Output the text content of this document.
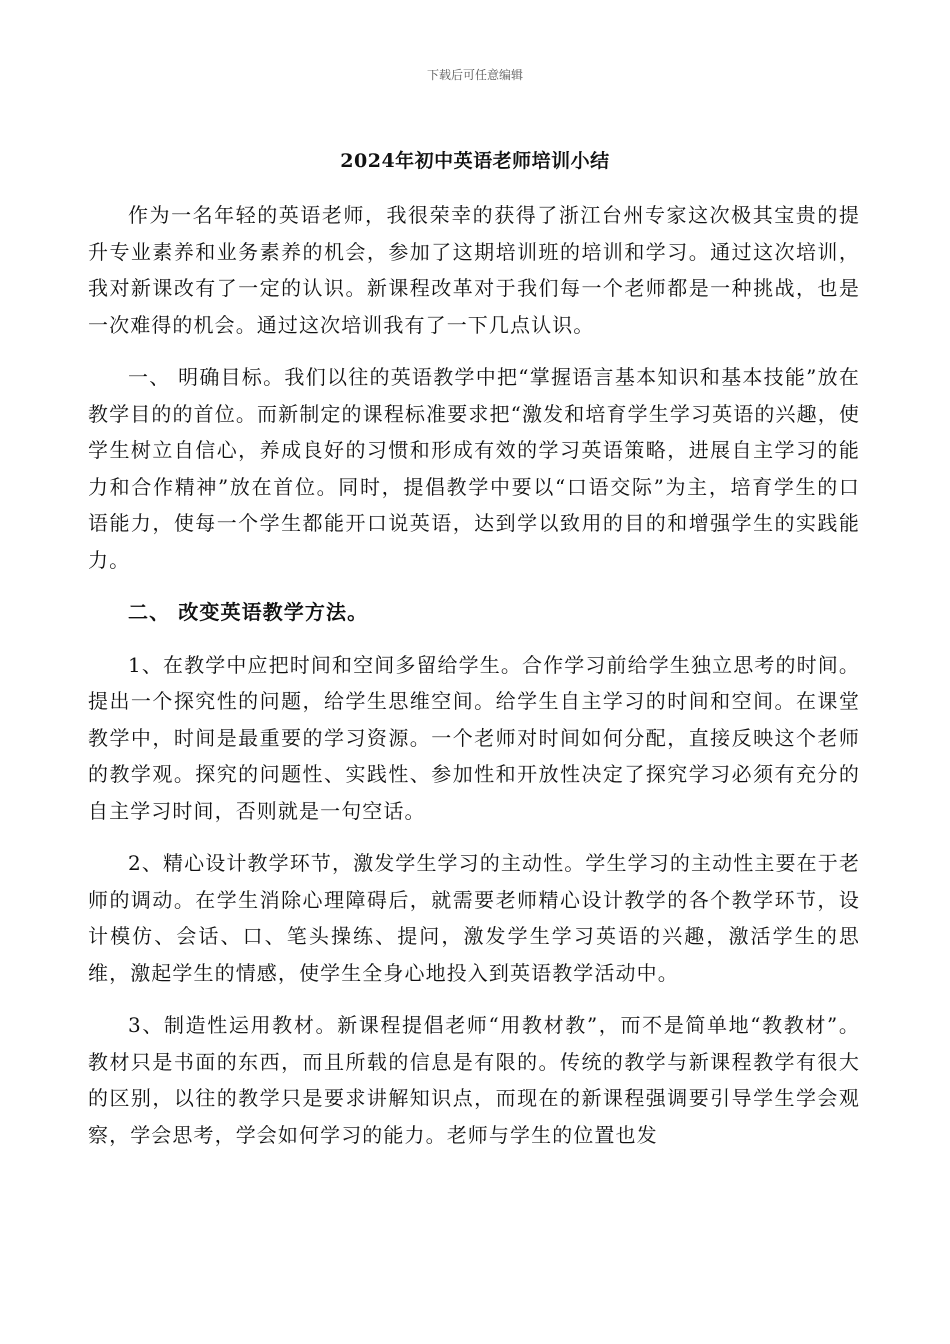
下载后可任意编辑
2024年初中英语老师培训小结

作为一名年轻的英语老师，我很荣幸的获得了浙江台州专家这次极其宝贵的提升专业素养和业务素养的机会，参加了这期培训班的培训和学习。通过这次培训，我对新课改有了一定的认识。新课程改革对于我们每一个老师都是一种挑战，也是一次难得的机会。通过这次培训我有了一下几点认识。

一、 明确目标。我们以往的英语教学中把“掌握语言基本知识和基本技能”放在教学目的的首位。而新制定的课程标准要求把“激发和培育学生学习英语的兴趣，使学生树立自信心，养成良好的习惯和形成有效的学习英语策略，进展自主学习的能力和合作精神”放在首位。同时，提倡教学中要以“口语交际”为主，培育学生的口语能力，使每一个学生都能开口说英语，达到学以致用的目的和增强学生的实践能力。

二、 改变英语教学方法。

1、在教学中应把时间和空间多留给学生。合作学习前给学生独立思考的时间。提出一个探究性的问题，给学生思维空间。给学生自主学习的时间和空间。在课堂教学中，时间是最重要的学习资源。一个老师对时间如何分配，直接反映这个老师的教学观。探究的问题性、实践性、参加性和开放性决定了探究学习必须有充分的自主学习时间，否则就是一句空话。

2、精心设计教学环节，激发学生学习的主动性。学生学习的主动性主要在于老师的调动。在学生消除心理障碍后，就需要老师精心设计教学的各个教学环节，设计模仿、会话、口、笔头操练、提问，激发学生学习英语的兴趣，激活学生的思维，激起学生的情感，使学生全身心地投入到英语教学活动中。

3、制造性运用教材。新课程提倡老师“用教材教”，而不是简单地“教教材”。教材只是书面的东西，而且所载的信息是有限的。传统的教学与新课程教学有很大的区别，以往的教学只是要求讲解知识点，而现在的新课程强调要引导学生学会观察，学会思考，学会如何学习的能力。老师与学生的位置也发
